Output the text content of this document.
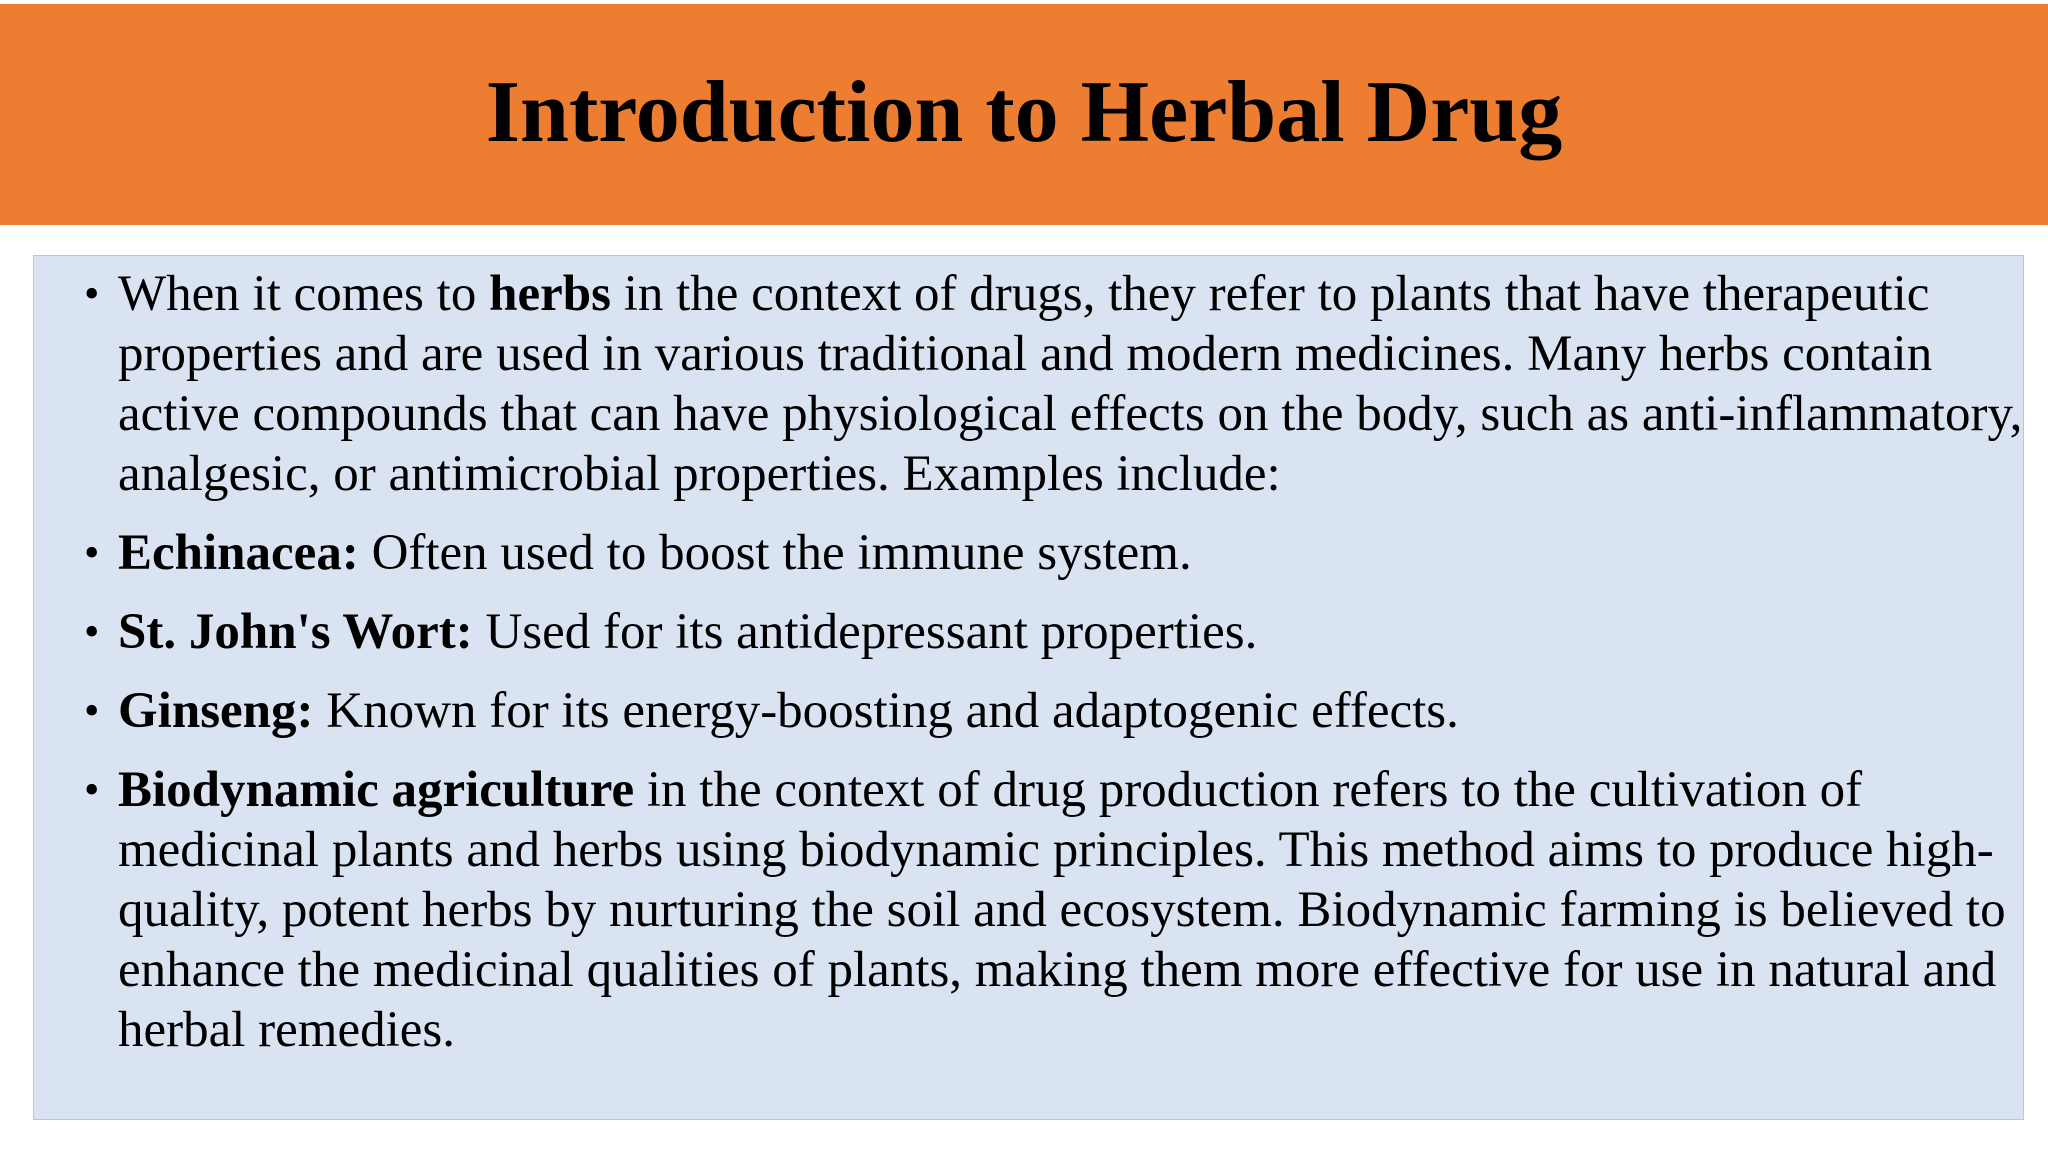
Introduction to Herbal Drug
• When it comes to herbs in the context of drugs, they refer to plants that have therapeutic properties and are used in various traditional and modern medicines. Many herbs contain active compounds that can have physiological effects on the body, such as anti-inflammatory, analgesic, or antimicrobial properties. Examples include:
• Echinacea: Often used to boost the immune system.
• St. John's Wort: Used for its antidepressant properties.
• Ginseng: Known for its energy-boosting and adaptogenic effects.
• Biodynamic agriculture in the context of drug production refers to the cultivation of medicinal plants and herbs using biodynamic principles. This method aims to produce high-quality, potent herbs by nurturing the soil and ecosystem. Biodynamic farming is believed to enhance the medicinal qualities of plants, making them more effective for use in natural and herbal remedies.
